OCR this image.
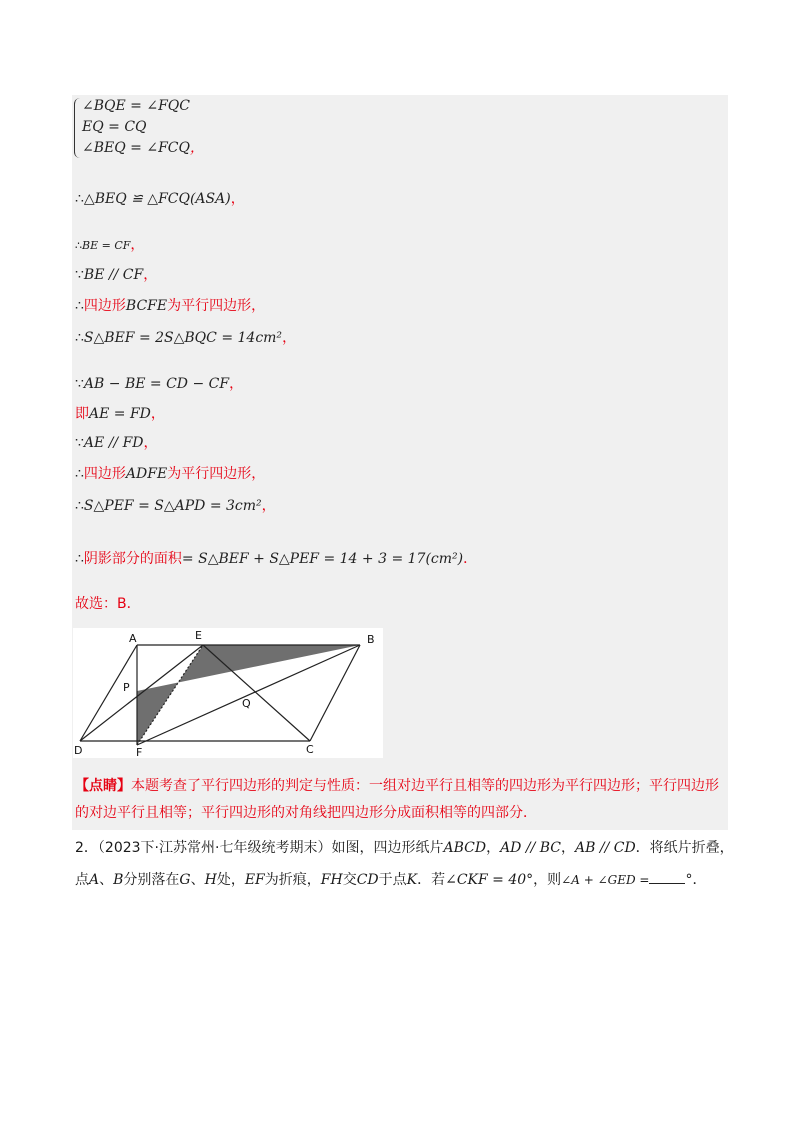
∠BQE = ∠FQC
EQ = CQ
∠BEQ = ∠FCQ，
∴△BEQ ≌ △FCQ(ASA)，
∴BE = CF，
∵BE // CF，
∴四边形BCFE为平行四边形，
∴S△BEF = 2S△BQC = 14cm²，
∵AB − BE = CD − CF，
即AE = FD，
∵AE // FD，
∴四边形ADFE为平行四边形，
∴S△PEF = S△APD = 3cm²，
∴阴影部分的面积= S△BEF + S△PEF = 14 + 3 = 17(cm²)．
故选：B．
A	E	B
P
Q
D	F	C
【点睛】本题考查了平行四边形的判定与性质：一组对边平行且相等的四边形为平行四边形；平行四边形的对边平行且相等；平行四边形的对角线把四边形分成面积相等的四部分．
2．（2023下·江苏常州·七年级统考期末）如图，四边形纸片ABCD，AD // BC，AB // CD．将纸片折叠，点A、B分别落在G、H处，EF为折痕，FH交CD于点K．若∠CKF = 40°，则∠A + ∠GED =	°．
